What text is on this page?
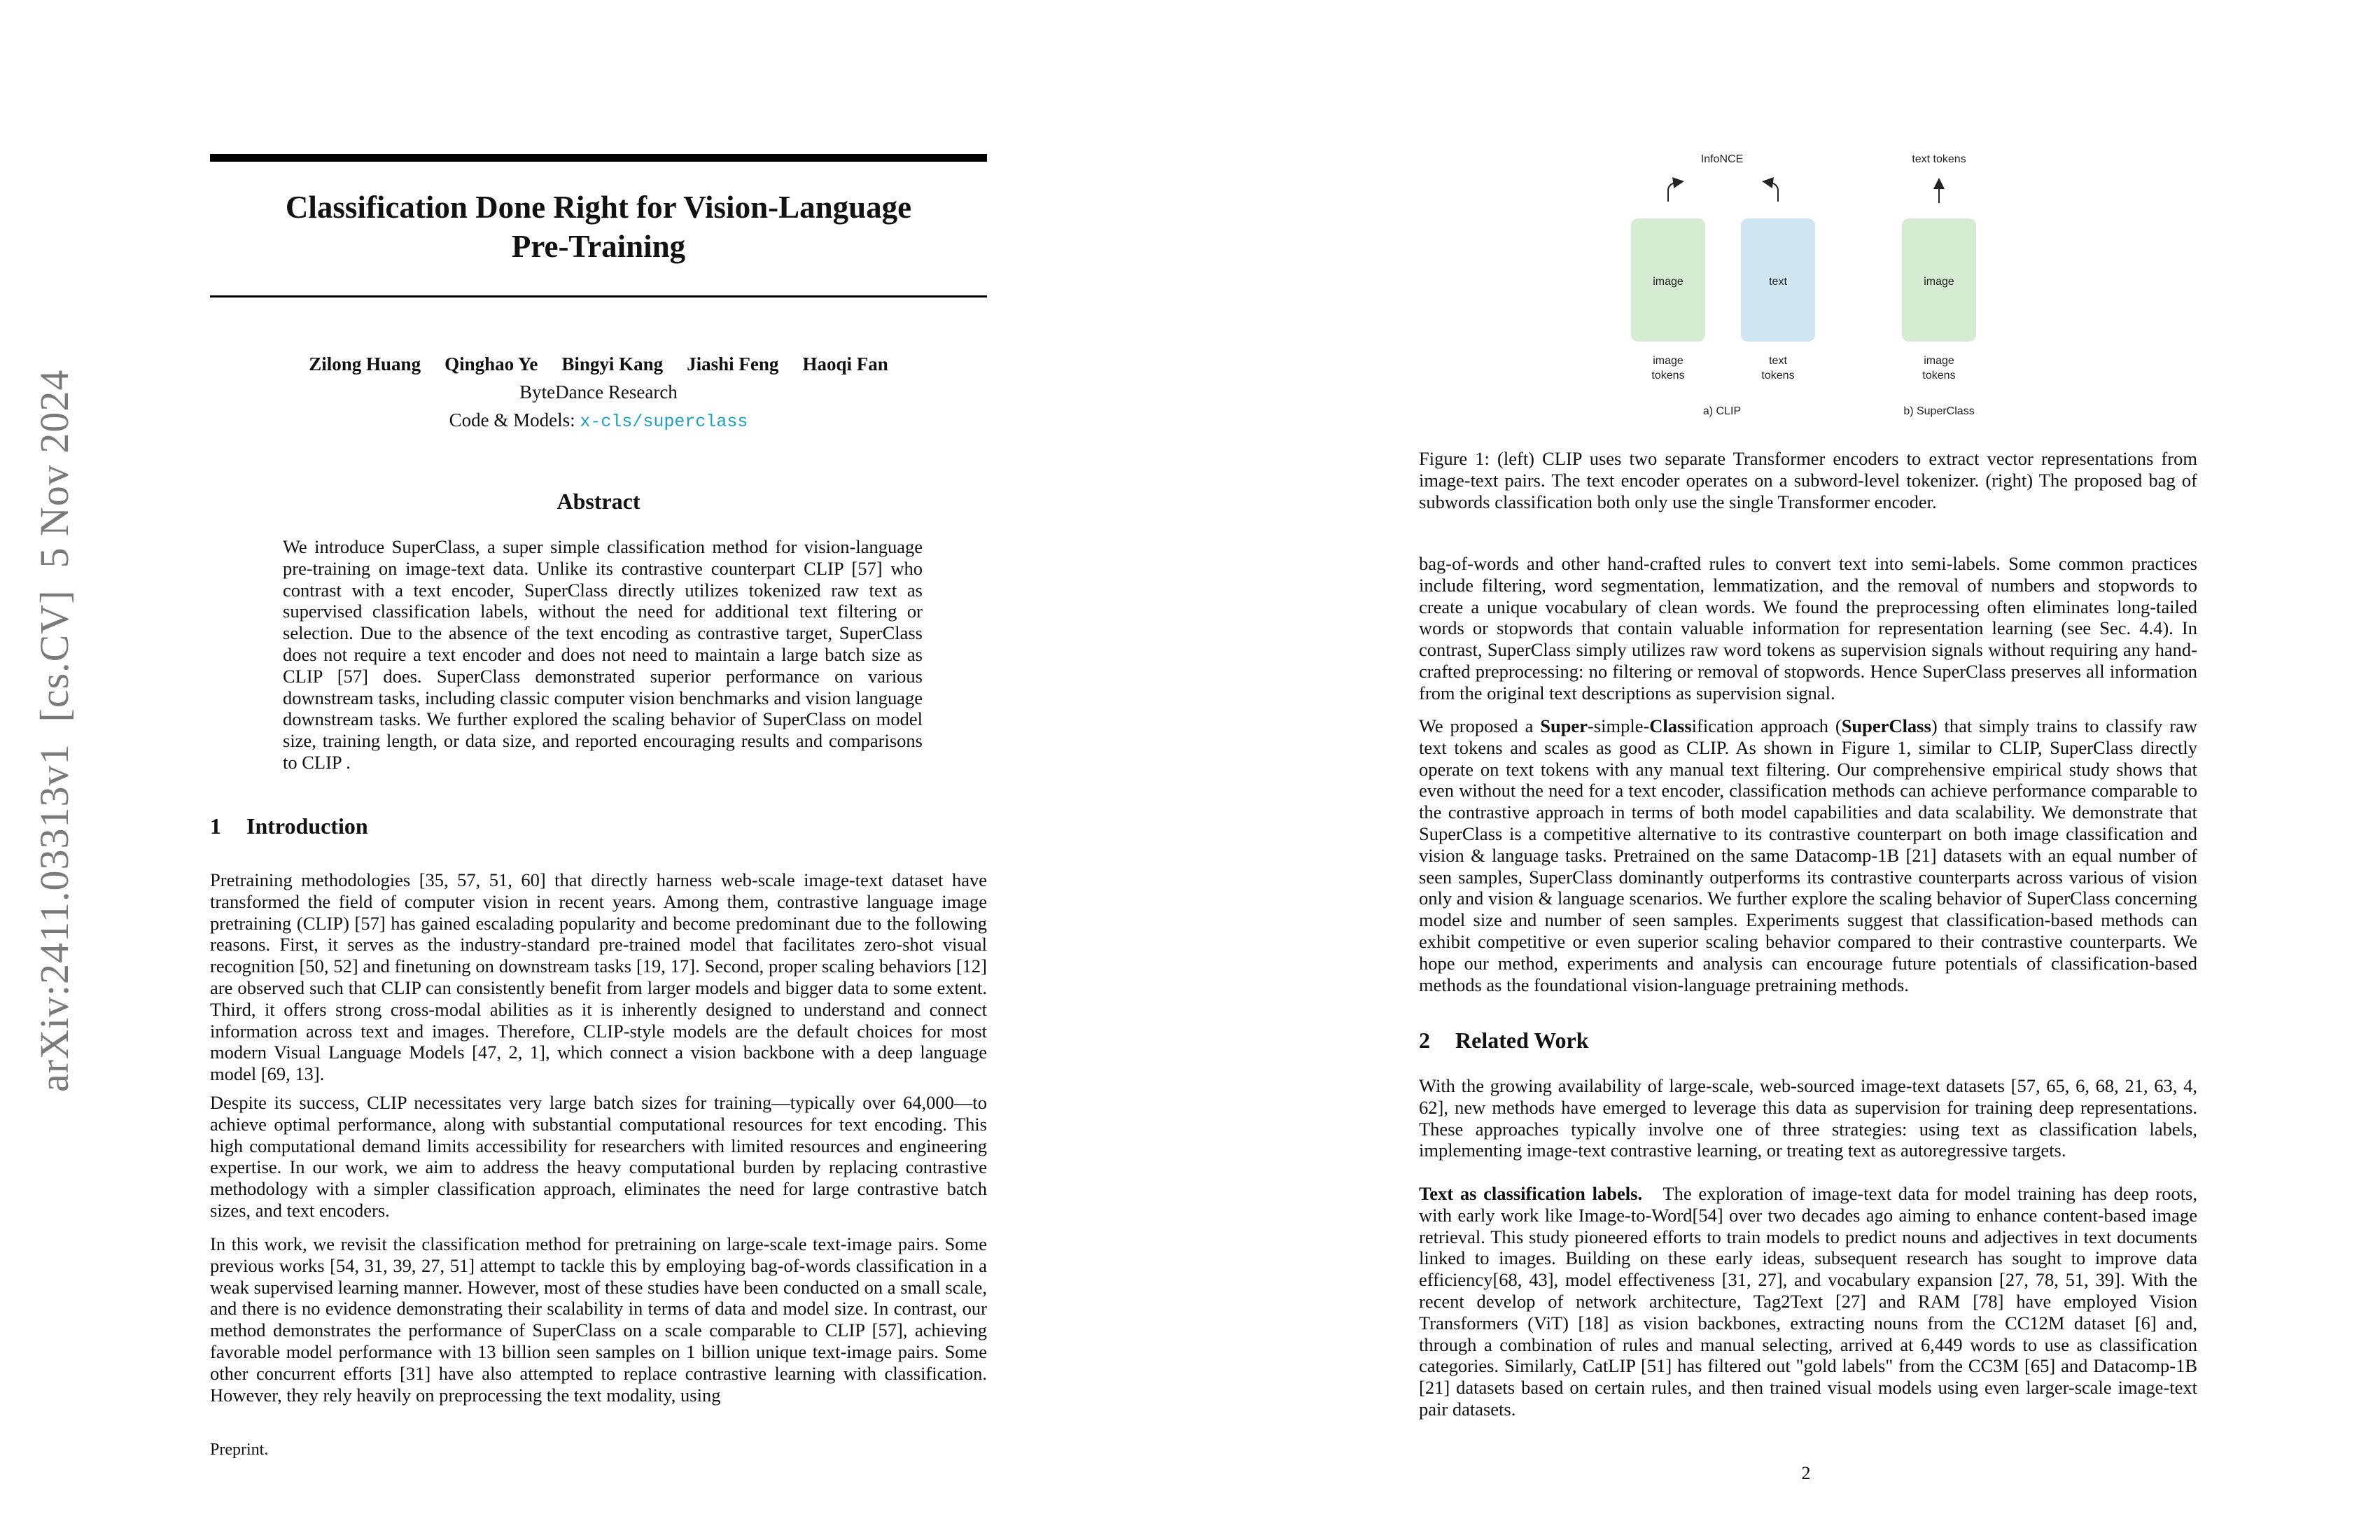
arXiv:2411.03313v1  [cs.CV]  5 Nov 2024
Classification Done Right for Vision-Language
Pre-Training
Zilong Huang Qinghao Ye Bingyi Kang Jiashi Feng Haoqi Fan
ByteDance Research
Code & Models: x-cls/superclass
Abstract

We introduce SuperClass, a super simple classification method for vision-language pre-training on image-text data. Unlike its contrastive counterpart CLIP [57] who contrast with a text encoder, SuperClass directly utilizes tokenized raw text as supervised classification labels, without the need for additional text filtering or selection. Due to the absence of the text encoding as contrastive target, SuperClass does not require a text encoder and does not need to maintain a large batch size as CLIP [57] does. SuperClass demonstrated superior performance on various downstream tasks, including classic computer vision benchmarks and vision language downstream tasks. We further explored the scaling behavior of SuperClass on model size, training length, or data size, and reported encouraging results and comparisons to CLIP .

1 Introduction

Pretraining methodologies [35, 57, 51, 60] that directly harness web-scale image-text dataset have transformed the field of computer vision in recent years. Among them, contrastive language image pretraining (CLIP) [57] has gained escalading popularity and become predominant due to the following reasons. First, it serves as the industry-standard pre-trained model that facilitates zero-shot visual recognition [50, 52] and finetuning on downstream tasks [19, 17]. Second, proper scaling behaviors [12] are observed such that CLIP can consistently benefit from larger models and bigger data to some extent. Third, it offers strong cross-modal abilities as it is inherently designed to understand and connect information across text and images. Therefore, CLIP-style models are the default choices for most modern Visual Language Models [47, 2, 1], which connect a vision backbone with a deep language model [69, 13].

Despite its success, CLIP necessitates very large batch sizes for training—typically over 64,000—to achieve optimal performance, along with substantial computational resources for text encoding. This high computational demand limits accessibility for researchers with limited resources and engineering expertise. In our work, we aim to address the heavy computational burden by replacing contrastive methodology with a simpler classification approach, eliminates the need for large contrastive batch sizes, and text encoders.

In this work, we revisit the classification method for pretraining on large-scale text-image pairs. Some previous works [54, 31, 39, 27, 51] attempt to tackle this by employing bag-of-words classification in a weak supervised learning manner. However, most of these studies have been conducted on a small scale, and there is no evidence demonstrating their scalability in terms of data and model size. In contrast, our method demonstrates the performance of SuperClass on a scale comparable to CLIP [57], achieving favorable model performance with 13 billion seen samples on 1 billion unique text-image pairs. Some other concurrent efforts [31] have also attempted to replace contrastive learning with classification. However, they rely heavily on preprocessing the text modality, using

Preprint.
image	text	image
InfoNCE	text tokens
image
tokens
text
tokens
image
tokens
a) CLIP	b) SuperClass

Figure 1: (left) CLIP uses two separate Transformer encoders to extract vector representations from image-text pairs. The text encoder operates on a subword-level tokenizer. (right) The proposed bag of subwords classification both only use the single Transformer encoder.

bag-of-words and other hand-crafted rules to convert text into semi-labels. Some common practices include filtering, word segmentation, lemmatization, and the removal of numbers and stopwords to create a unique vocabulary of clean words. We found the preprocessing often eliminates long-tailed words or stopwords that contain valuable information for representation learning (see Sec. 4.4). In contrast, SuperClass simply utilizes raw word tokens as supervision signals without requiring any hand-crafted preprocessing: no filtering or removal of stopwords. Hence SuperClass preserves all information from the original text descriptions as supervision signal.

We proposed a Super-simple-Classification approach (SuperClass) that simply trains to classify raw text tokens and scales as good as CLIP. As shown in Figure 1, similar to CLIP, SuperClass directly operate on text tokens with any manual text filtering. Our comprehensive empirical study shows that even without the need for a text encoder, classification methods can achieve performance comparable to the contrastive approach in terms of both model capabilities and data scalability. We demonstrate that SuperClass is a competitive alternative to its contrastive counterpart on both image classification and vision & language tasks. Pretrained on the same Datacomp-1B [21] datasets with an equal number of seen samples, SuperClass dominantly outperforms its contrastive counterparts across various of vision only and vision & language scenarios. We further explore the scaling behavior of SuperClass concerning model size and number of seen samples. Experiments suggest that classification-based methods can exhibit competitive or even superior scaling behavior compared to their contrastive counterparts. We hope our method, experiments and analysis can encourage future potentials of classification-based methods as the foundational vision-language pretraining methods.

2 Related Work

With the growing availability of large-scale, web-sourced image-text datasets [57, 65, 6, 68, 21, 63, 4, 62], new methods have emerged to leverage this data as supervision for training deep representations. These approaches typically involve one of three strategies: using text as classification labels, implementing image-text contrastive learning, or treating text as autoregressive targets.

Text as classification labels. The exploration of image-text data for model training has deep roots, with early work like Image-to-Word[54] over two decades ago aiming to enhance content-based image retrieval. This study pioneered efforts to train models to predict nouns and adjectives in text documents linked to images. Building on these early ideas, subsequent research has sought to improve data efficiency[68, 43], model effectiveness [31, 27], and vocabulary expansion [27, 78, 51, 39]. With the recent develop of network architecture, Tag2Text [27] and RAM [78] have employed Vision Transformers (ViT) [18] as vision backbones, extracting nouns from the CC12M dataset [6] and, through a combination of rules and manual selecting, arrived at 6,449 words to use as classification categories. Similarly, CatLIP [51] has filtered out "gold labels" from the CC3M [65] and Datacomp-1B [21] datasets based on certain rules, and then trained visual models using even larger-scale image-text pair datasets.

2
